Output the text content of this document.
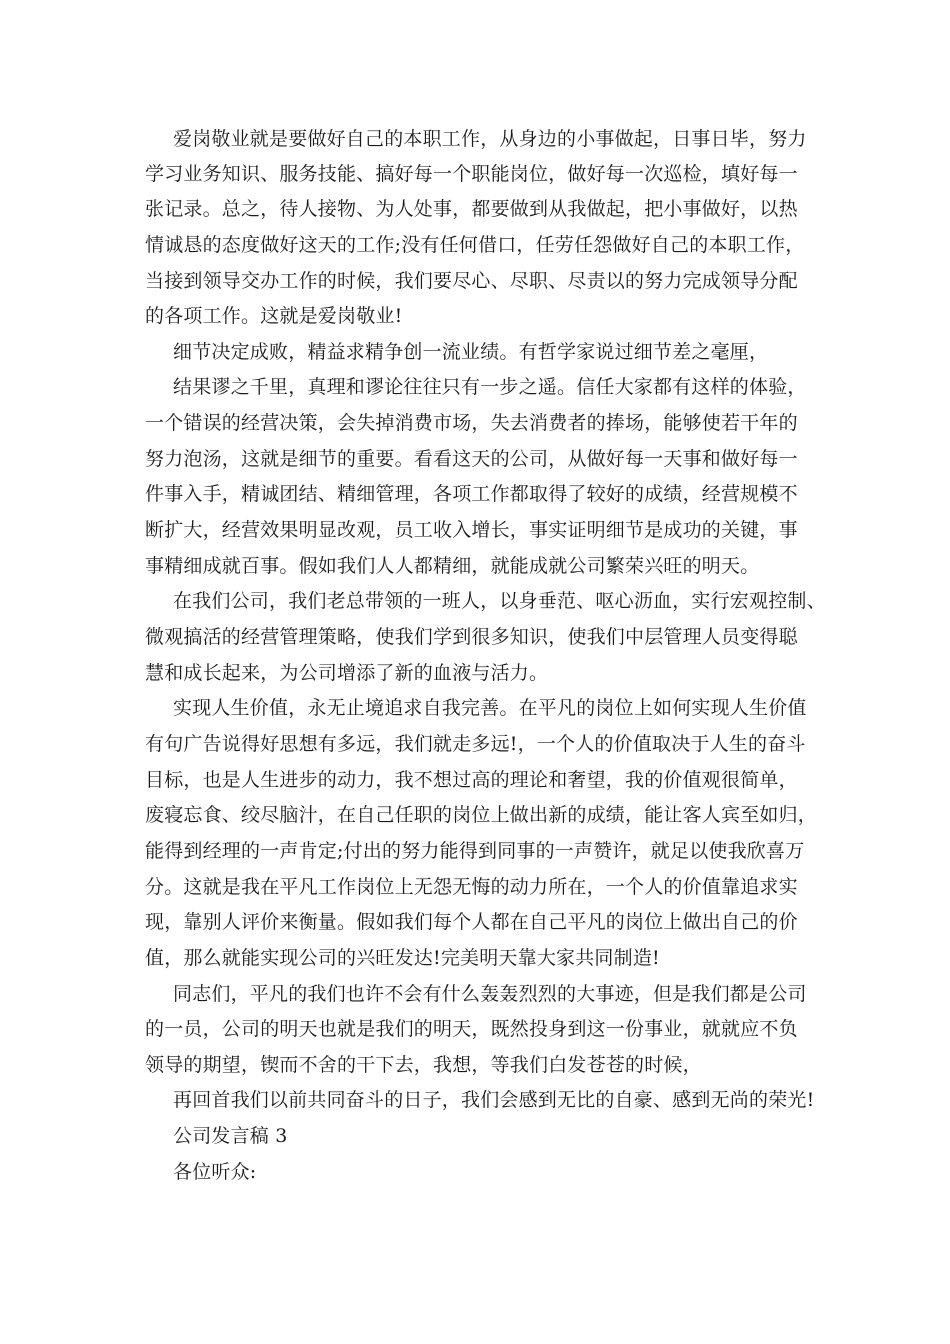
爱岗敬业就是要做好自己的本职工作，从身边的小事做起，日事日毕，努力
学习业务知识、服务技能、搞好每一个职能岗位，做好每一次巡检，填好每一
张记录。总之，待人接物、为人处事，都要做到从我做起，把小事做好，以热
情诚恳的态度做好这天的工作;没有任何借口，任劳任怨做好自己的本职工作，
当接到领导交办工作的时候，我们要尽心、尽职、尽责以的努力完成领导分配
的各项工作。这就是爱岗敬业!
细节决定成败，精益求精争创一流业绩。有哲学家说过细节差之毫厘，
结果谬之千里，真理和谬论往往只有一步之遥。信任大家都有这样的体验，
一个错误的经营决策，会失掉消费市场，失去消费者的捧场，能够使若干年的
努力泡汤，这就是细节的重要。看看这天的公司，从做好每一天事和做好每一
件事入手，精诚团结、精细管理，各项工作都取得了较好的成绩，经营规模不
断扩大，经营效果明显改观，员工收入增长，事实证明细节是成功的关键，事
事精细成就百事。假如我们人人都精细，就能成就公司繁荣兴旺的明天。
在我们公司，我们老总带领的一班人，以身垂范、呕心沥血，实行宏观控制、
微观搞活的经营管理策略，使我们学到很多知识，使我们中层管理人员变得聪
慧和成长起来，为公司增添了新的血液与活力。
实现人生价值，永无止境追求自我完善。在平凡的岗位上如何实现人生价值
有句广告说得好思想有多远，我们就走多远!，一个人的价值取决于人生的奋斗
目标，也是人生进步的动力，我不想过高的理论和奢望，我的价值观很简单，
废寝忘食、绞尽脑汁，在自己任职的岗位上做出新的成绩，能让客人宾至如归，
能得到经理的一声肯定;付出的努力能得到同事的一声赞许，就足以使我欣喜万
分。这就是我在平凡工作岗位上无怨无悔的动力所在，一个人的价值靠追求实
现，靠别人评价来衡量。假如我们每个人都在自己平凡的岗位上做出自己的价
值，那么就能实现公司的兴旺发达!完美明天靠大家共同制造!
同志们，平凡的我们也许不会有什么轰轰烈烈的大事迹，但是我们都是公司
的一员，公司的明天也就是我们的明天，既然投身到这一份事业，就就应不负
领导的期望，锲而不舍的干下去，我想，等我们白发苍苍的时候，
再回首我们以前共同奋斗的日子，我们会感到无比的自豪、感到无尚的荣光!
公司发言稿 3
各位听众:
